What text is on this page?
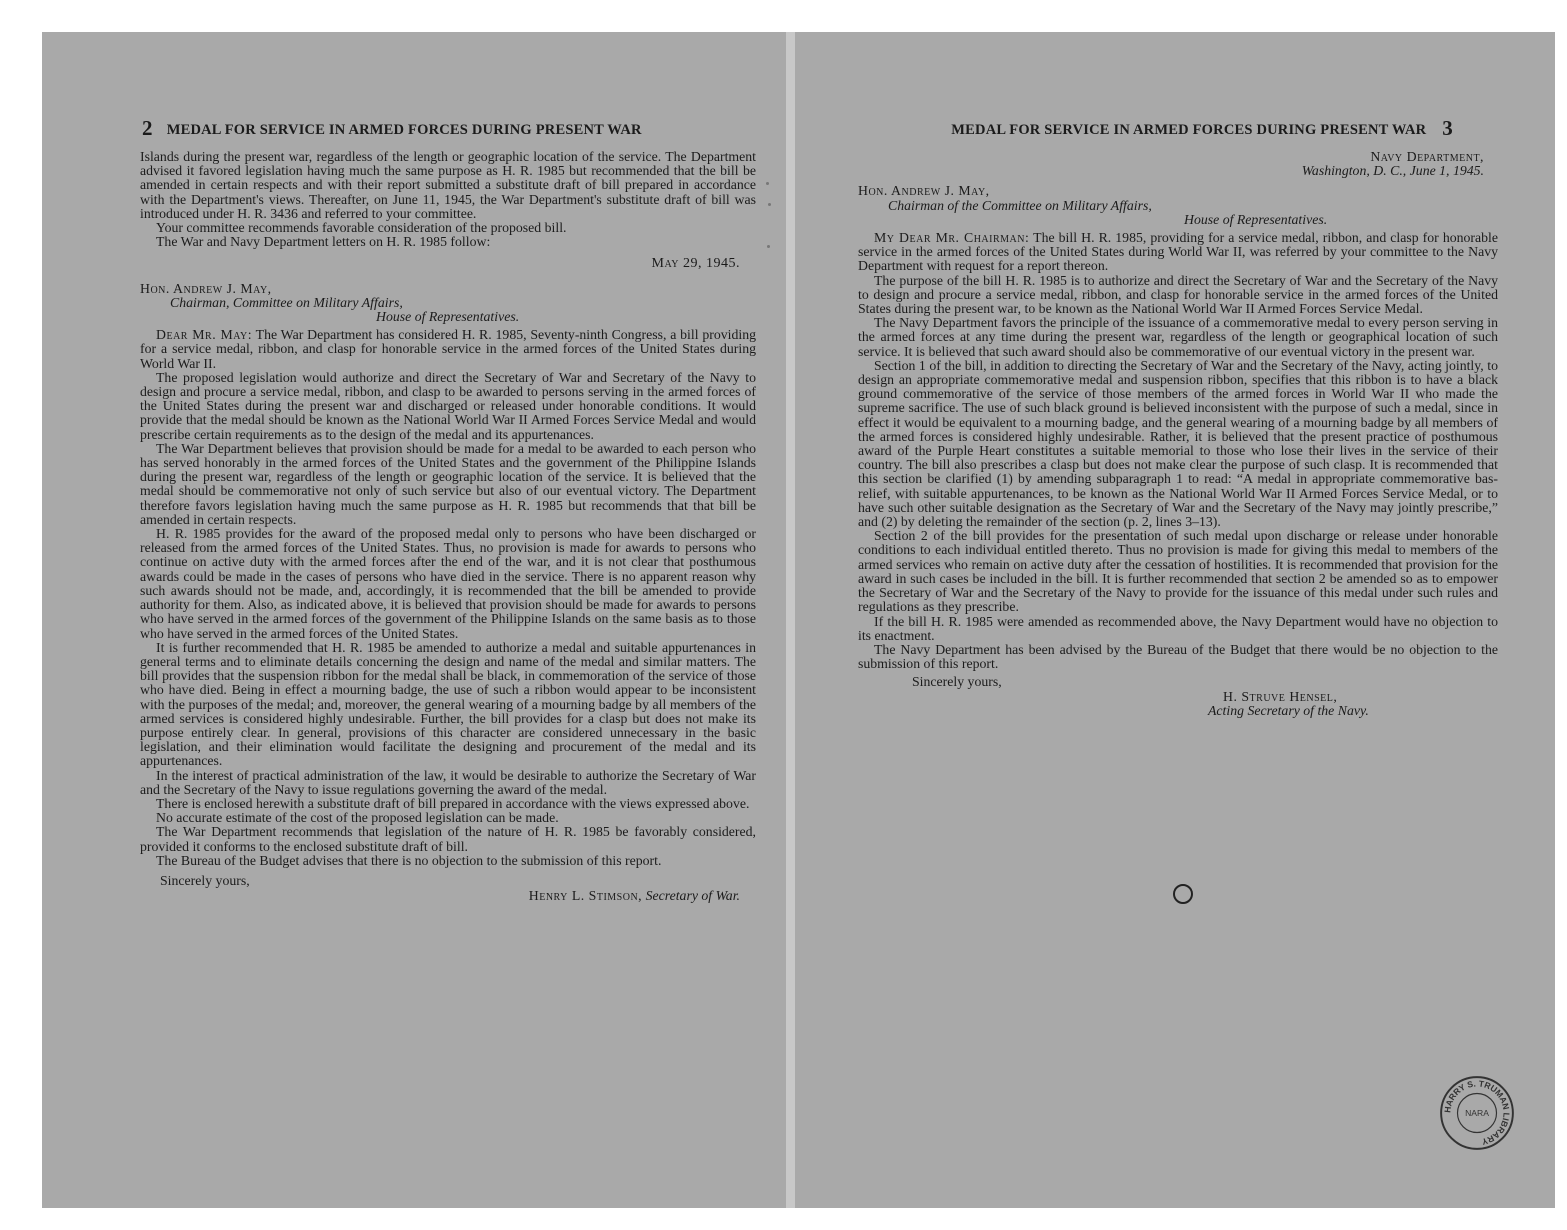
2 MEDAL FOR SERVICE IN ARMED FORCES DURING PRESENT WAR

Islands during the present war, regardless of the length or geographic location of the service. The Department advised it favored legislation having much the same purpose as H. R. 1985 but recommended that the bill be amended in certain respects and with their report submitted a substitute draft of bill prepared in accordance with the Department's views. Thereafter, on June 11, 1945, the War Department's substitute draft of bill was introduced under H. R. 3436 and referred to your committee.

Your committee recommends favorable consideration of the proposed bill.

The War and Navy Department letters on H. R. 1985 follow:

May 29, 1945.
Hon. Andrew J. May,
Chairman, Committee on Military Affairs,
House of Representatives.

Dear Mr. May: The War Department has considered H. R. 1985, Seventy-ninth Congress, a bill providing for a service medal, ribbon, and clasp for honorable service in the armed forces of the United States during World War II.

The proposed legislation would authorize and direct the Secretary of War and Secretary of the Navy to design and procure a service medal, ribbon, and clasp to be awarded to persons serving in the armed forces of the United States during the present war and discharged or released under honorable conditions. It would provide that the medal should be known as the National World War II Armed Forces Service Medal and would prescribe certain requirements as to the design of the medal and its appurtenances.

The War Department believes that provision should be made for a medal to be awarded to each person who has served honorably in the armed forces of the United States and the government of the Philippine Islands during the present war, regardless of the length or geographic location of the service. It is believed that the medal should be commemorative not only of such service but also of our eventual victory. The Department therefore favors legislation having much the same purpose as H. R. 1985 but recommends that that bill be amended in certain respects.

H. R. 1985 provides for the award of the proposed medal only to persons who have been discharged or released from the armed forces of the United States. Thus, no provision is made for awards to persons who continue on active duty with the armed forces after the end of the war, and it is not clear that posthumous awards could be made in the cases of persons who have died in the service. There is no apparent reason why such awards should not be made, and, accordingly, it is recommended that the bill be amended to provide authority for them. Also, as indicated above, it is believed that provision should be made for awards to persons who have served in the armed forces of the government of the Philippine Islands on the same basis as to those who have served in the armed forces of the United States.

It is further recommended that H. R. 1985 be amended to authorize a medal and suitable appurtenances in general terms and to eliminate details concerning the design and name of the medal and similar matters. The bill provides that the suspension ribbon for the medal shall be black, in commemoration of the service of those who have died. Being in effect a mourning badge, the use of such a ribbon would appear to be inconsistent with the purposes of the medal; and, moreover, the general wearing of a mourning badge by all members of the armed services is considered highly undesirable. Further, the bill provides for a clasp but does not make its purpose entirely clear. In general, provisions of this character are considered unnecessary in the basic legislation, and their elimination would facilitate the designing and procurement of the medal and its appurtenances.

In the interest of practical administration of the law, it would be desirable to authorize the Secretary of War and the Secretary of the Navy to issue regulations governing the award of the medal.

There is enclosed herewith a substitute draft of bill prepared in accordance with the views expressed above.

No accurate estimate of the cost of the proposed legislation can be made.

The War Department recommends that legislation of the nature of H. R. 1985 be favorably considered, provided it conforms to the enclosed substitute draft of bill.

The Bureau of the Budget advises that there is no objection to the submission of this report.

Sincerely yours,
Henry L. Stimson, Secretary of War.
MEDAL FOR SERVICE IN ARMED FORCES DURING PRESENT WAR 3
Navy Department,
Washington, D. C., June 1, 1945.
Hon. Andrew J. May,
Chairman of the Committee on Military Affairs,
House of Representatives.

My Dear Mr. Chairman: The bill H. R. 1985, providing for a service medal, ribbon, and clasp for honorable service in the armed forces of the United States during World War II, was referred by your committee to the Navy Department with request for a report thereon.

The purpose of the bill H. R. 1985 is to authorize and direct the Secretary of War and the Secretary of the Navy to design and procure a service medal, ribbon, and clasp for honorable service in the armed forces of the United States during the present war, to be known as the National World War II Armed Forces Service Medal.

The Navy Department favors the principle of the issuance of a commemorative medal to every person serving in the armed forces at any time during the present war, regardless of the length or geographical location of such service. It is believed that such award should also be commemorative of our eventual victory in the present war.

Section 1 of the bill, in addition to directing the Secretary of War and the Secretary of the Navy, acting jointly, to design an appropriate commemorative medal and suspension ribbon, specifies that this ribbon is to have a black ground commemorative of the service of those members of the armed forces in World War II who made the supreme sacrifice. The use of such black ground is believed inconsistent with the purpose of such a medal, since in effect it would be equivalent to a mourning badge, and the general wearing of a mourning badge by all members of the armed forces is considered highly undesirable. Rather, it is believed that the present practice of posthumous award of the Purple Heart constitutes a suitable memorial to those who lose their lives in the service of their country. The bill also prescribes a clasp but does not make clear the purpose of such clasp. It is recommended that this section be clarified (1) by amending subparagraph 1 to read: “A medal in appropriate commemorative bas-relief, with suitable appurtenances, to be known as the National World War II Armed Forces Service Medal, or to have such other suitable designation as the Secretary of War and the Secretary of the Navy may jointly prescribe,” and (2) by deleting the remainder of the section (p. 2, lines 3–13).

Section 2 of the bill provides for the presentation of such medal upon discharge or release under honorable conditions to each individual entitled thereto. Thus no provision is made for giving this medal to members of the armed services who remain on active duty after the cessation of hostilities. It is recommended that provision for the award in such cases be included in the bill. It is further recommended that section 2 be amended so as to empower the Secretary of War and the Secretary of the Navy to provide for the issuance of this medal under such rules and regulations as they prescribe.

If the bill H. R. 1985 were amended as recommended above, the Navy Department would have no objection to its enactment.

The Navy Department has been advised by the Bureau of the Budget that there would be no objection to the submission of this report.

Sincerely yours,
H. Struve Hensel,
Acting Secretary of the Navy.
HARRY S. TRUMAN LIBRARY
NARA
